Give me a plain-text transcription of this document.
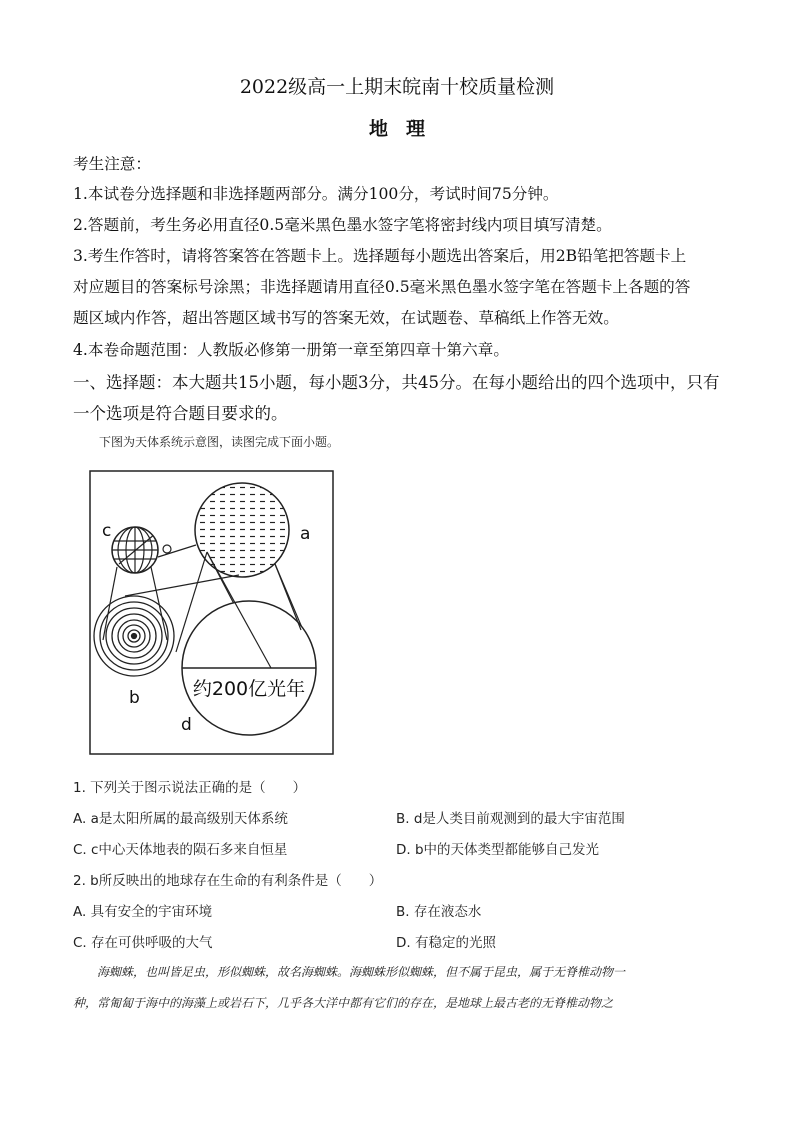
2022级高一上期末皖南十校质量检测
地理
考生注意：
1.本试卷分选择题和非选择题两部分。满分100分，考试时间75分钟。
2.答题前，考生务必用直径0.5毫米黑色墨水签字笔将密封线内项目填写清楚。
3.考生作答时，请将答案答在答题卡上。选择题每小题选出答案后，用2B铅笔把答题卡上
对应题目的答案标号涂黑；非选择题请用直径0.5毫米黑色墨水签字笔在答题卡上各题的答
题区域内作答，超出答题区域书写的答案无效，在试题卷、草稿纸上作答无效。
4.本卷命题范围：人教版必修第一册第一章至第四章十第六章。
一、选择题：本大题共15小题，每小题3分，共45分。在每小题给出的四个选项中，只有
一个选项是符合题目要求的。
下图为天体系统示意图，读图完成下面小题。
约200亿光年
c	a
b
d
1. 下列关于图示说法正确的是（　　）
A. a是太阳所属的最高级别天体系统	B. d是人类目前观测到的最大宇宙范围
C. c中心天体地表的陨石多来自恒星	D. b中的天体类型都能够自己发光
2. b所反映出的地球存在生命的有利条件是（　　）
A. 具有安全的宇宙环境	B. 存在液态水
C. 存在可供呼吸的大气	D. 有稳定的光照
　　海蜘蛛，也叫皆足虫，形似蜘蛛，故名海蜘蛛。海蜘蛛形似蜘蛛，但不属于昆虫，属于无脊椎动物一
种，常匍匐于海中的海藻上或岩石下，几乎各大洋中都有它们的存在，是地球上最古老的无脊椎动物之
